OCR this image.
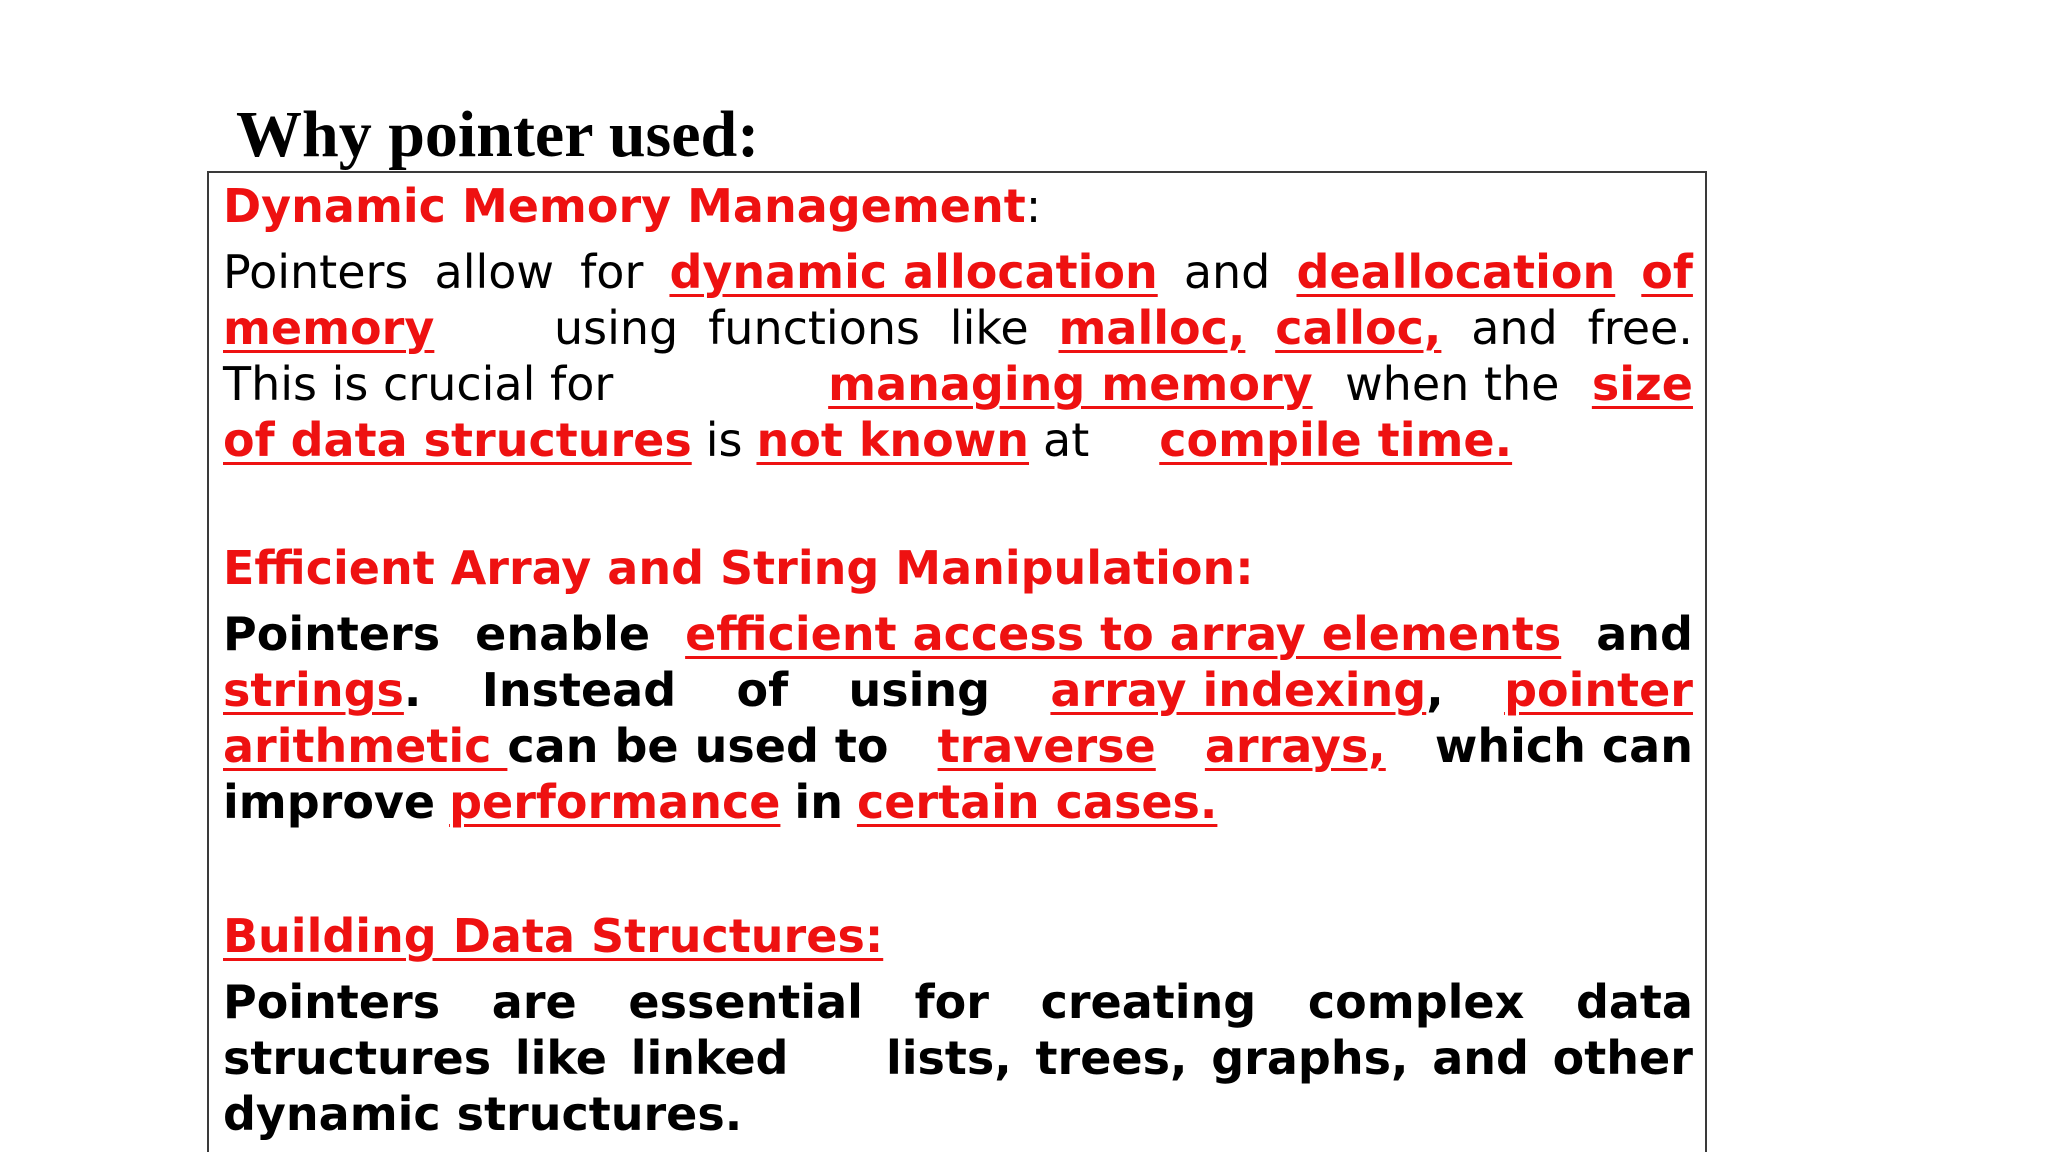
Why pointer used:

Dynamic Memory Management:

Pointers allow for dynamic allocation and deallocation of
memory	using functions like malloc, calloc, and free.
This is crucial for	managing memory when the size
of data structures is not known at compile time.

Efficient Array and String Manipulation:

Pointers enable efficient access to array elements and
strings. Instead of using array indexing, pointer
arithmetic can be used to traverse arrays, which can
improve performance in certain cases.

Building Data Structures:

Pointers are essential for creating complex data
structures like linked lists, trees, graphs, and other
dynamic structures.
